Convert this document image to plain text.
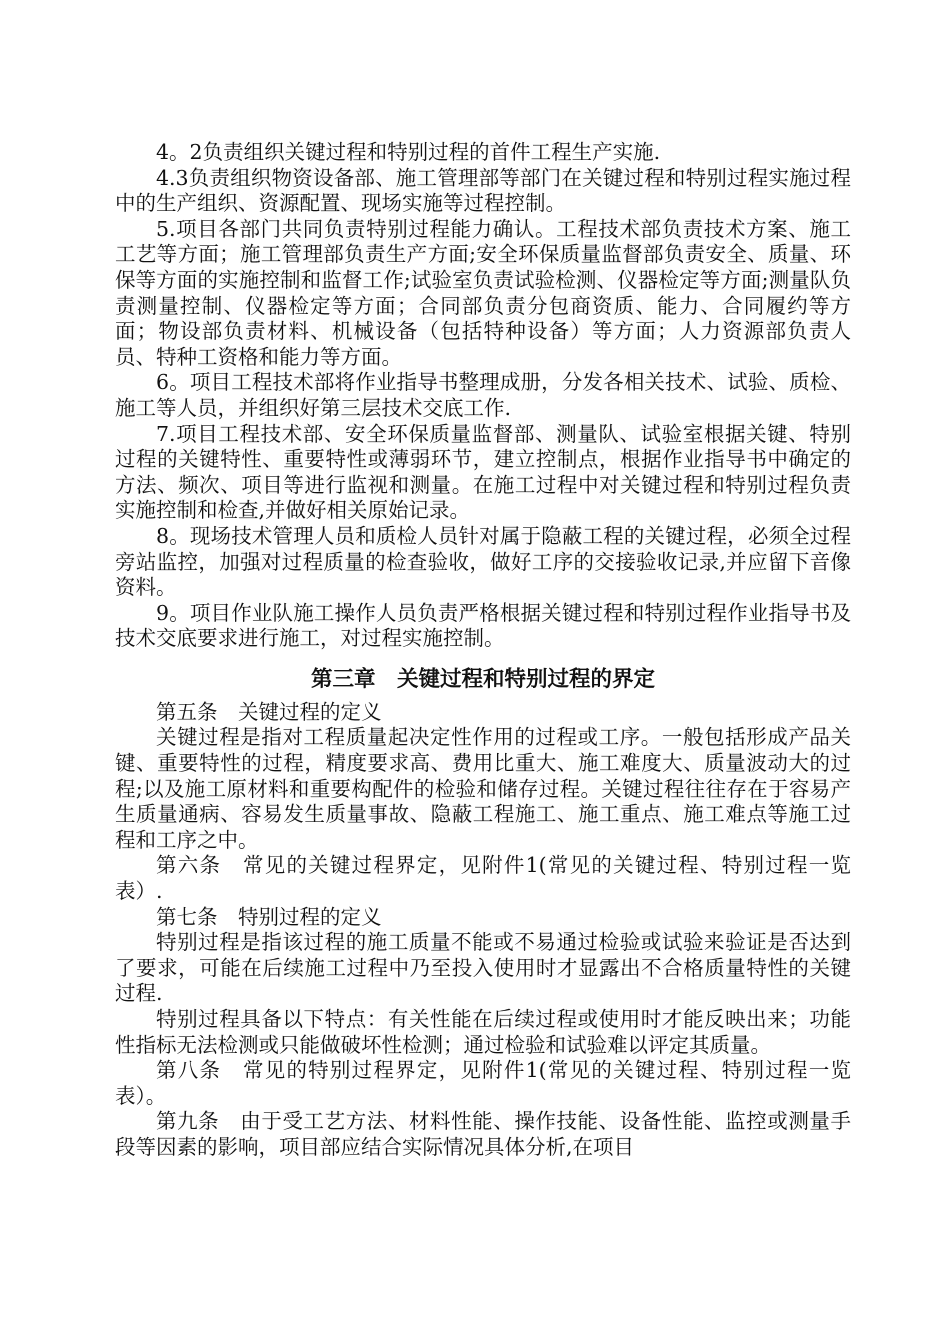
4。2负责组织关键过程和特别过程的首件工程生产实施.

4.3负责组织物资设备部、施工管理部等部门在关键过程和特别过程实施过程中的生产组织、资源配置、现场实施等过程控制。

5.项目各部门共同负责特别过程能力确认。工程技术部负责技术方案、施工工艺等方面；施工管理部负责生产方面;安全环保质量监督部负责安全、质量、环保等方面的实施控制和监督工作;试验室负责试验检测、仪器检定等方面;测量队负责测量控制、仪器检定等方面；合同部负责分包商资质、能力、合同履约等方面；物设部负责材料、机械设备（包括特种设备）等方面；人力资源部负责人员、特种工资格和能力等方面。

6。项目工程技术部将作业指导书整理成册，分发各相关技术、试验、质检、施工等人员，并组织好第三层技术交底工作.

7.项目工程技术部、安全环保质量监督部、测量队、试验室根据关键、特别过程的关键特性、重要特性或薄弱环节，建立控制点，根据作业指导书中确定的方法、频次、项目等进行监视和测量。在施工过程中对关键过程和特别过程负责实施控制和检查,并做好相关原始记录。

8。现场技术管理人员和质检人员针对属于隐蔽工程的关键过程，必须全过程旁站监控，加强对过程质量的检查验收，做好工序的交接验收记录,并应留下音像资料。

9。项目作业队施工操作人员负责严格根据关键过程和特别过程作业指导书及技术交底要求进行施工，对过程实施控制。

第三章　关键过程和特别过程的界定

第五条　关键过程的定义

关键过程是指对工程质量起决定性作用的过程或工序。一般包括形成产品关键、重要特性的过程，精度要求高、费用比重大、施工难度大、质量波动大的过程;以及施工原材料和重要构配件的检验和储存过程。关键过程往往存在于容易产生质量通病、容易发生质量事故、隐蔽工程施工、施工重点、施工难点等施工过程和工序之中。

第六条　常见的关键过程界定，见附件1(常见的关键过程、特别过程一览表）.

第七条　特别过程的定义

特别过程是指该过程的施工质量不能或不易通过检验或试验来验证是否达到了要求，可能在后续施工过程中乃至投入使用时才显露出不合格质量特性的关键过程.

特别过程具备以下特点：有关性能在后续过程或使用时才能反映出来；功能性指标无法检测或只能做破坏性检测；通过检验和试验难以评定其质量。

第八条　常见的特别过程界定，见附件1(常见的关键过程、特别过程一览表）。

第九条　由于受工艺方法、材料性能、操作技能、设备性能、监控或测量手段等因素的影响，项目部应结合实际情况具体分析,在项目
